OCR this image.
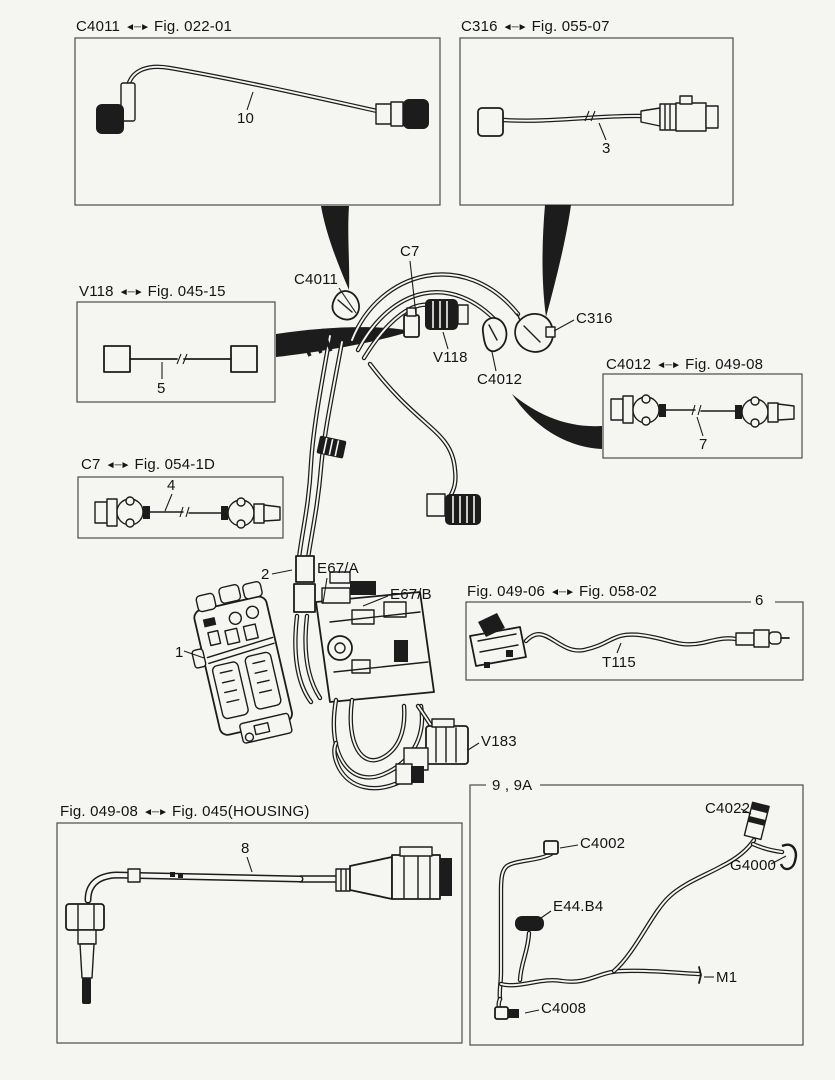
C4011 ◄─► Fig. 022-01	C316 ◄─► Fig. 055-07
V118 ◄─► Fig. 045-15
C7 ◄─► Fig. 054-1D
C4012 ◄─► Fig. 049-08
Fig. 049-06 ◄─► Fig. 058-02
Fig. 049-08 ◄─► Fig. 045(HOUSING)
9 , 9A
10
3
5
4
7
6
8
1
2
C4011
C7
V118
C4012
C316
E67/A
E67/B
V183
T115
C4022
C4002
G4000
E44.B4
M1
C4008
